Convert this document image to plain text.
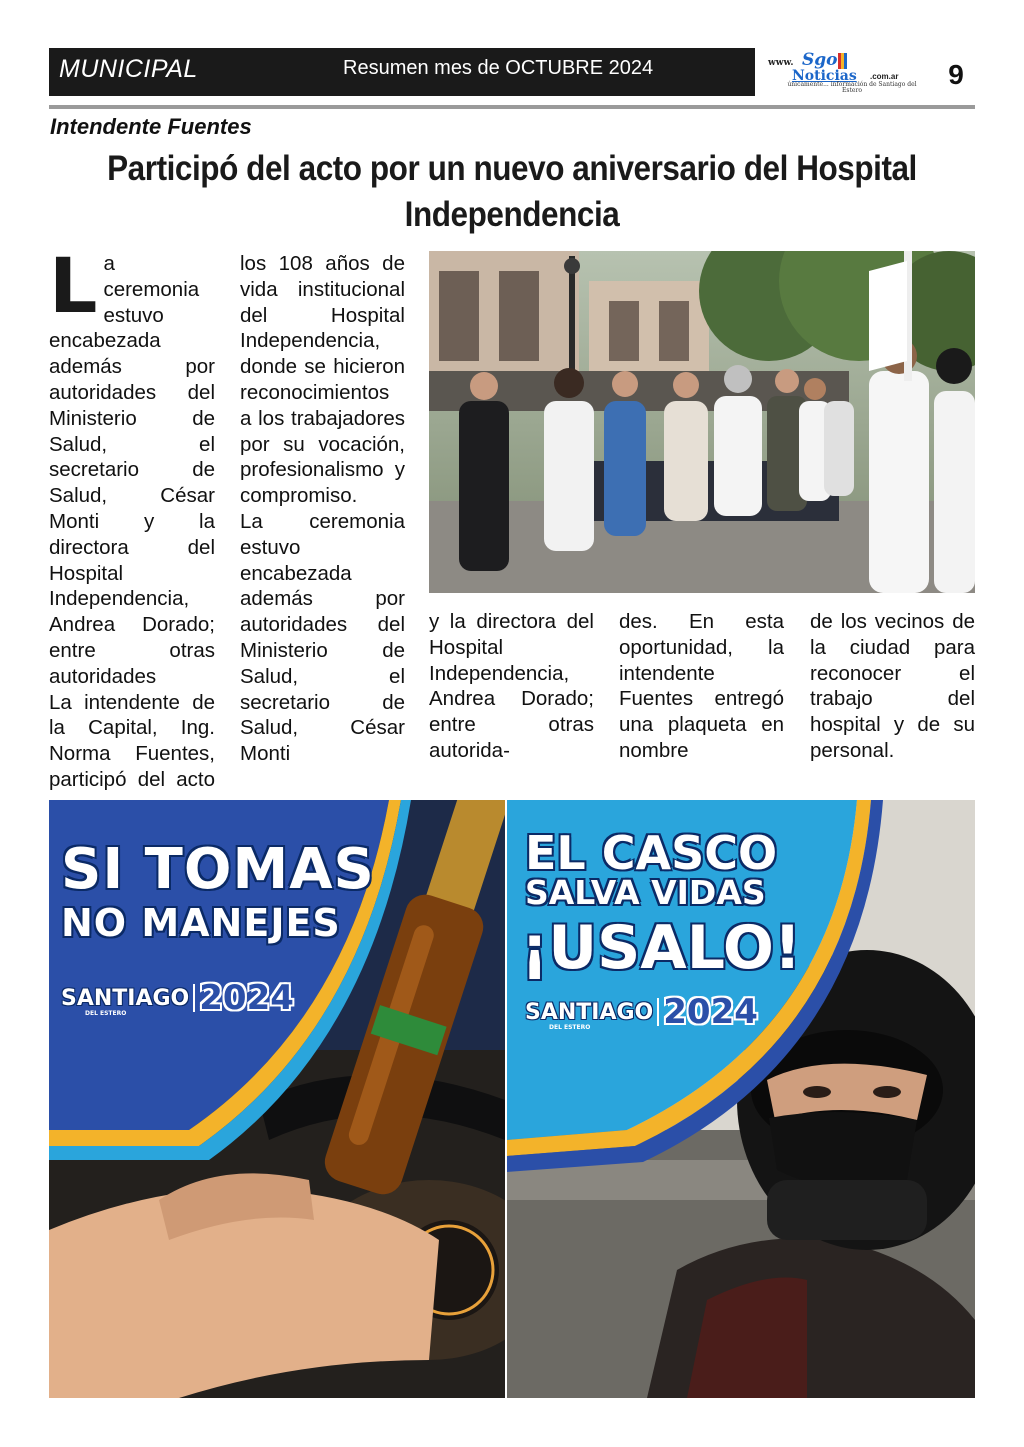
MUNICIPAL	Resumen mes de OCTUBRE 2024	www. Sgo
Noticias .com.ar
únicamente... información de Santiago del Estero
9
Intendente Fuentes
Participó del acto por un nuevo aniversario del Hospital Independencia
La ceremonia estuvo encabezada además por autoridades del Ministerio de Salud, el secretario de Salud, César Monti y la directora del Hospital Independencia, Andrea Dorado; entre otras autoridades
La intendente de la Capital, Ing. Norma Fuentes, participó del acto
los 108 años de vida institucional del Hospital Independencia, donde se hicieron reconocimientos a los trabajadores por su vocación, profesionalismo y compromiso.
La ceremonia estuvo encabezada además por autoridades del Ministerio de Salud, el secretario de Salud, César Monti
y la directora del Hospital Independencia, Andrea Dorado; entre otras autorida-
des. En esta oportunidad, la intendente Fuentes entregó una plaqueta en nombre
de los vecinos de la ciudad para reconocer el trabajo del hospital y de su personal.
SI TOMAS
NO MANEJES
SANTIAGO
DEL ESTERO 2024
EL CASCO
SALVA VIDAS
¡USALO!
SANTIAGO
DEL ESTERO 2024
